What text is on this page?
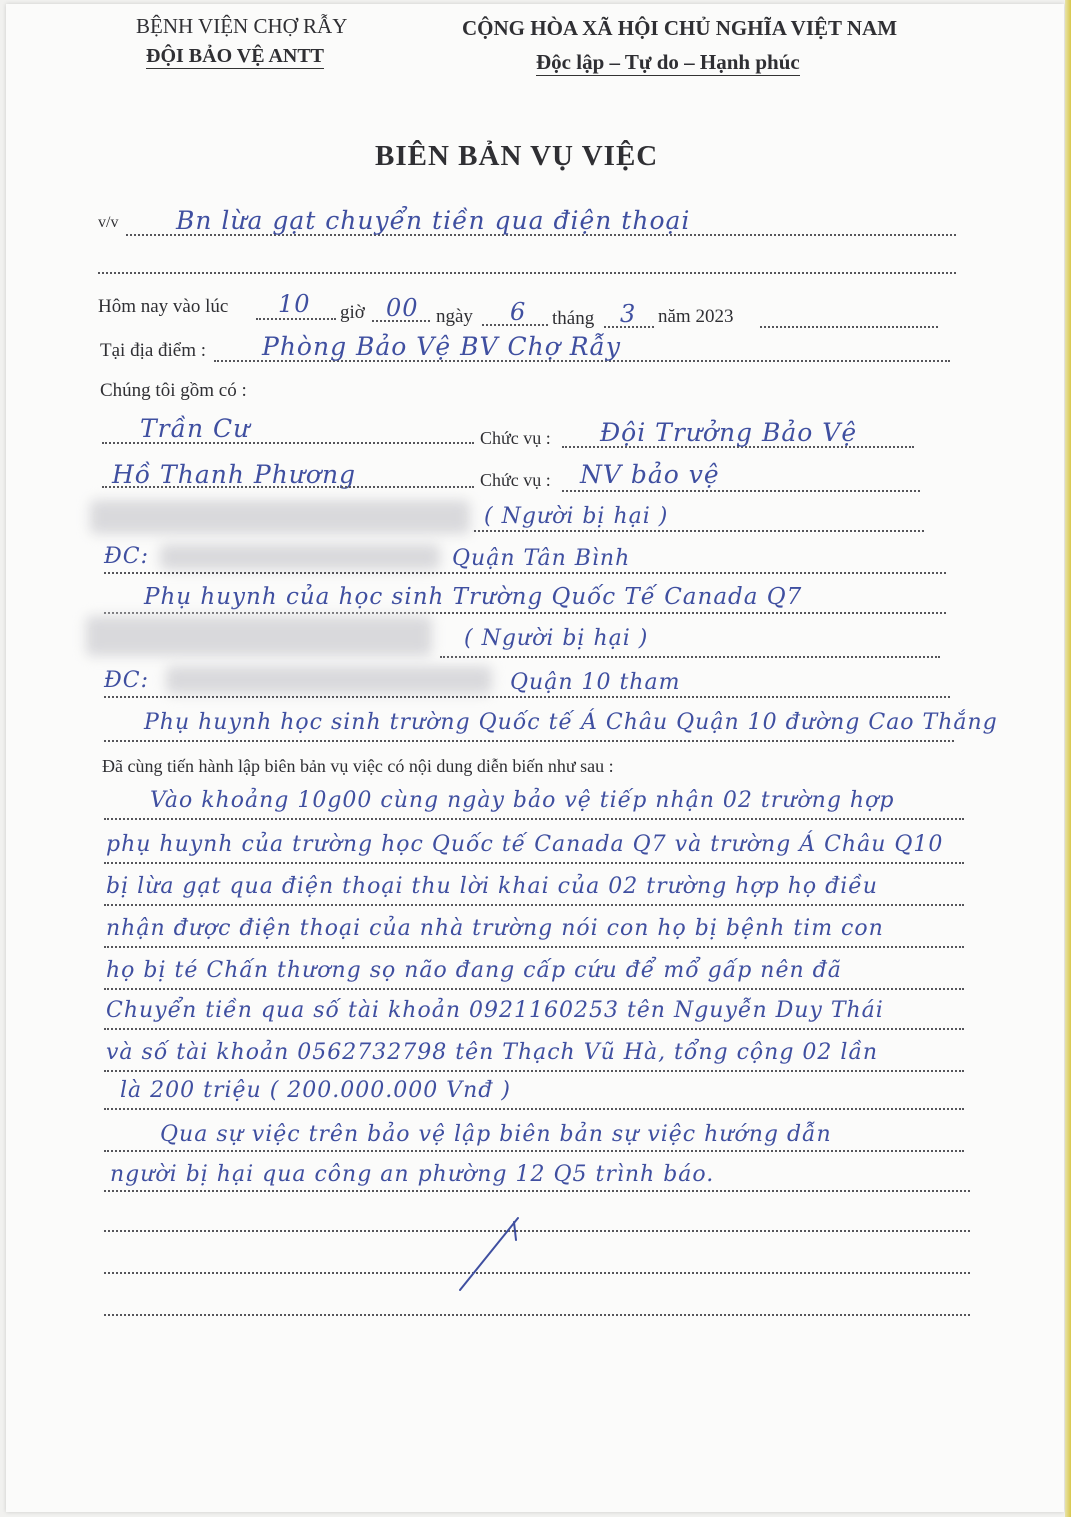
BỆNH VIỆN CHỢ RẪY
ĐỘI BẢO VỆ ANTT
CỘNG HÒA XÃ HỘI CHỦ NGHĨA VIỆT NAM
Độc lập – Tự do – Hạnh phúc
BIÊN BẢN VỤ VIỆC
v/v Bn lừa gạt chuyển tiền qua điện thoại
Hôm nay vào lúc 10 giờ 00 ngày 6 tháng 3 năm 2023
Tại địa điểm : Phòng Bảo Vệ BV Chợ Rẫy
Chúng tôi gồm có :
Trần Cư	Chức vụ : Đội Trưởng Bảo Vệ
Hồ Thanh Phương	Chức vụ : NV bảo vệ
( Người bị hại )
ĐC:	Quận Tân Bình
Phụ huynh của học sinh Trường Quốc Tế Canada Q7
( Người bị hại )
ĐC:	Quận 10 tham
Phụ huynh học sinh trường Quốc tế Á Châu Quận 10 đường Cao Thắng
Đã cùng tiến hành lập biên bản vụ việc có nội dung diễn biến như sau :
Vào khoảng 10g00 cùng ngày bảo vệ tiếp nhận 02 trường hợp
phụ huynh của trường học Quốc tế Canada Q7 và trường Á Châu Q10
bị lừa gạt qua điện thoại thu lời khai của 02 trường hợp họ điều
nhận được điện thoại của nhà trường nói con họ bị bệnh tim con
họ bị té Chấn thương sọ não đang cấp cứu để mổ gấp nên đã
Chuyển tiền qua số tài khoản 0921160253 tên Nguyễn Duy Thái
và số tài khoản 0562732798 tên Thạch Vũ Hà, tổng cộng 02 lần
là 200 triệu ( 200.000.000 Vnđ )
Qua sự việc trên bảo vệ lập biên bản sự việc hướng dẫn
người bị hại qua công an phường 12 Q5 trình báo.
